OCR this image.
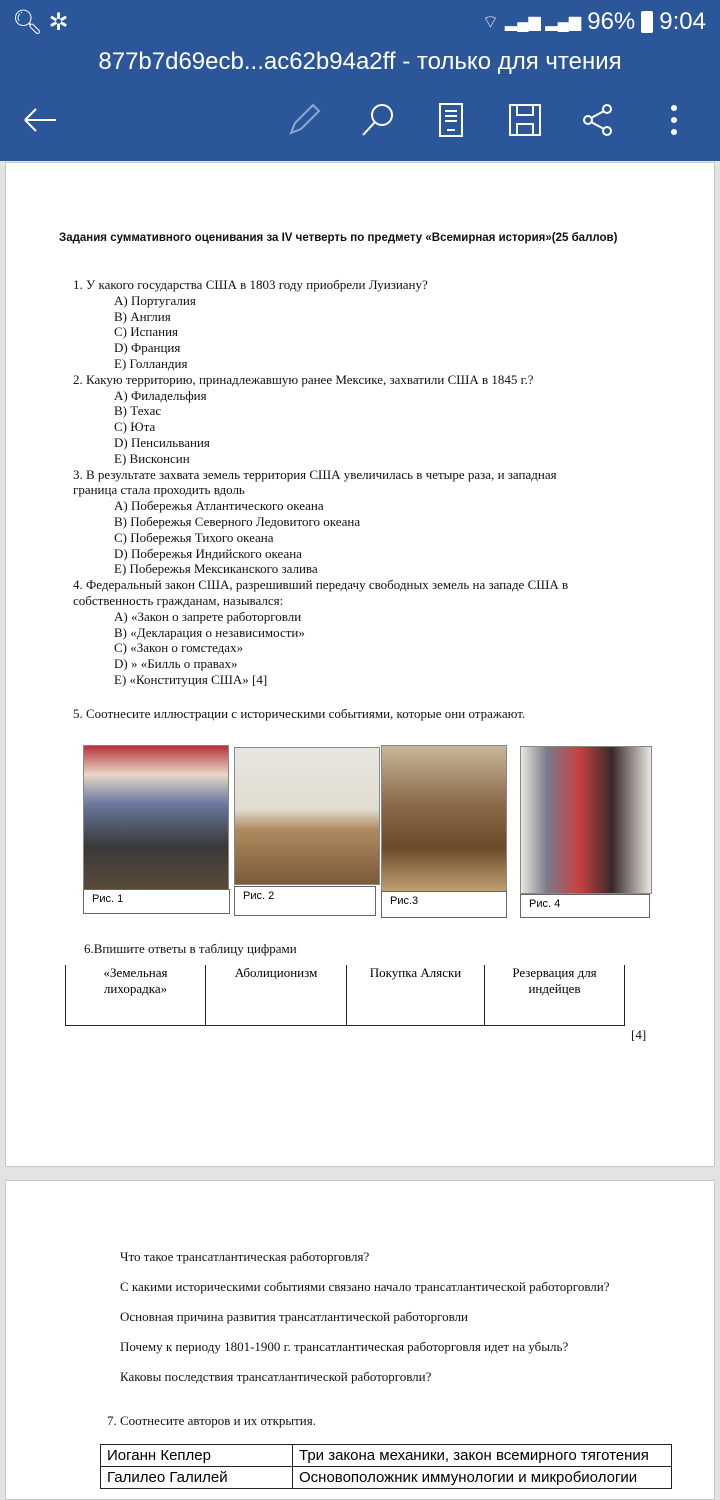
🔍︎ ✲	⌔ ▂▄▆ ▂▄▆ 96% 9:04
877b7d69ecb...ac62b94a2ff - только для чтения
Задания суммативного оценивания за IV четверть по предмету «Всемирная история»(25 баллов)
1. У какого государства США в 1803 году приобрели Луизиану?
A) Португалия
B) Англия
C) Испания
D) Франция
E) Голландия
2. Какую территорию, принадлежавшую ранее Мексике, захватили США в 1845 г.?
A) Филадельфия
B) Техас
C) Юта
D) Пенсильвания
E) Висконсин
3. В результате захвата земель территория США увеличилась в четыре раза, и западная
граница стала проходить вдоль
A) Побережья Атлантического океана
B) Побережья Северного Ледовитого океана
C) Побережья Тихого океана
D) Побережья Индийского океана
E) Побережья Мексиканского залива
4. Федеральный закон США, разрешивший передачу свободных земель на западе США в
собственность гражданам, назывался:
A) «Закон о запрете работорговли
B) «Декларация о независимости»
C) «Закон о гомстедах»
D) » «Билль о правах»
E) «Конституция США» [4]
5. Соотнесите иллюстрации с историческими событиями, которые они отражают.
Рис. 1	Рис. 2	Рис.3	Рис. 4
6.Впишите ответы в таблицу цифрами
«Земельная лихорадка»	Аболиционизм	Покупка Аляски	Резервация для индейцев

[4]
Что такое трансатлантическая работорговля?
С какими историческими событиями связано начало трансатлантической работорговли?
Основная причина развития трансатлантической работорговли
Почему к периоду 1801-1900 г. трансатлантическая работорговля идет на убыль?
Каковы последствия трансатлантической работорговли?
7. Соотнесите авторов и их открытия.
Иоганн Кеплер	Три закона механики, закон всемирного тяготения
Галилео Галилей	Основоположник иммунологии и микробиологии
